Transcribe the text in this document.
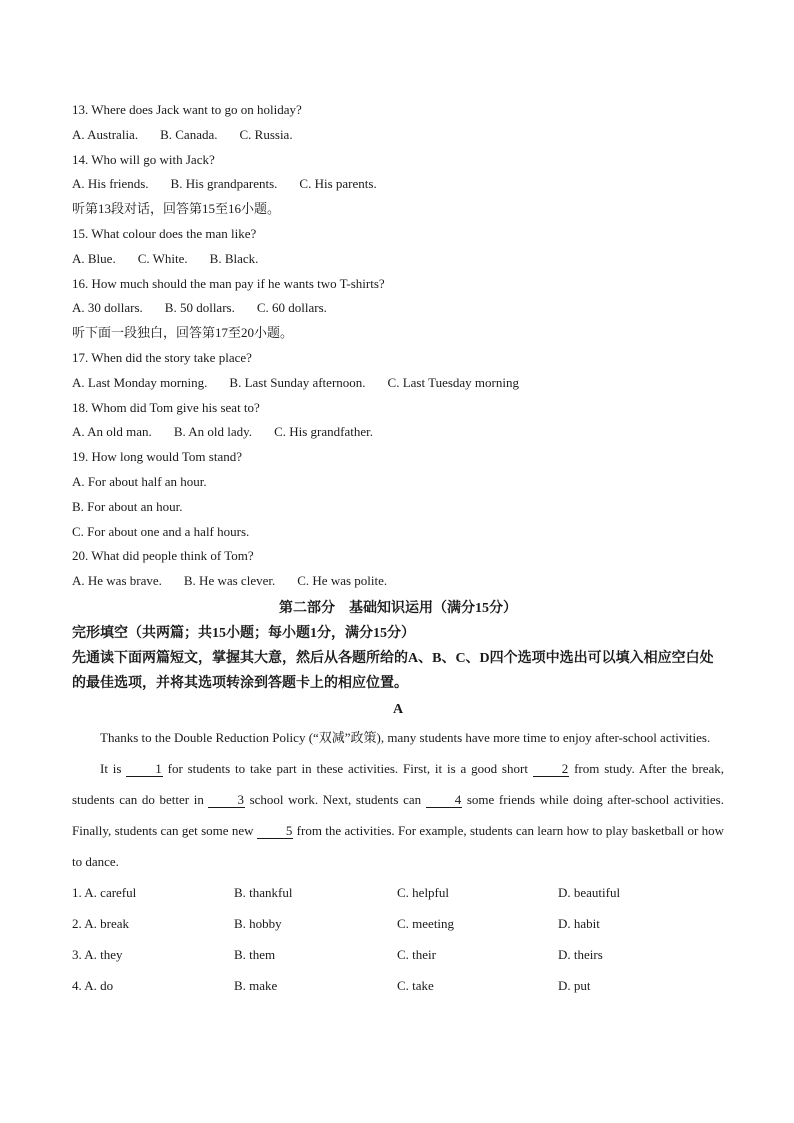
13. Where does Jack want to go on holiday?
A. Australia. B. Canada. C. Russia.
14. Who will go with Jack?
A. His friends. B. His grandparents. C. His parents.
听第13段对话，回答第15至16小题。
15. What colour does the man like?
A. Blue. C. White. B. Black.
16. How much should the man pay if he wants two T-shirts?
A. 30 dollars. B. 50 dollars. C. 60 dollars.
听下面一段独白，回答第17至20小题。
17. When did the story take place?
A. Last Monday morning. B. Last Sunday afternoon. C. Last Tuesday morning
18. Whom did Tom give his seat to?
A. An old man. B. An old lady. C. His grandfather.
19. How long would Tom stand?
A. For about half an hour.
B. For about an hour.
C. For about one and a half hours.
20. What did people think of Tom?
A. He was brave. B. He was clever. C. He was polite.
第二部分　基础知识运用（满分15分）
完形填空（共两篇；共15小题；每小题1分，满分15分）
先通读下面两篇短文，掌握其大意，然后从各题所给的A、B、C、D四个选项中选出可以填入相应空白处的最佳选项，并将其选项转涂到答题卡上的相应位置。
A
Thanks to the Double Reduction Policy (“双减”政策), many students have more time to enjoy after-school activities.
It is 1 for students to take part in these activities. First, it is a good short 2 from study. After the break, students can do better in 3 school work. Next, students can 4 some friends while doing after-school activities. Finally, students can get some new 5 from the activities. For example, students can learn how to play basketball or how to dance.
1. A. careful	B. thankful	C. helpful	D. beautiful
2. A. break	B. hobby	C. meeting	D. habit
3. A. they	B. them	C. their	D. theirs
4. A. do	B. make	C. take	D. put
